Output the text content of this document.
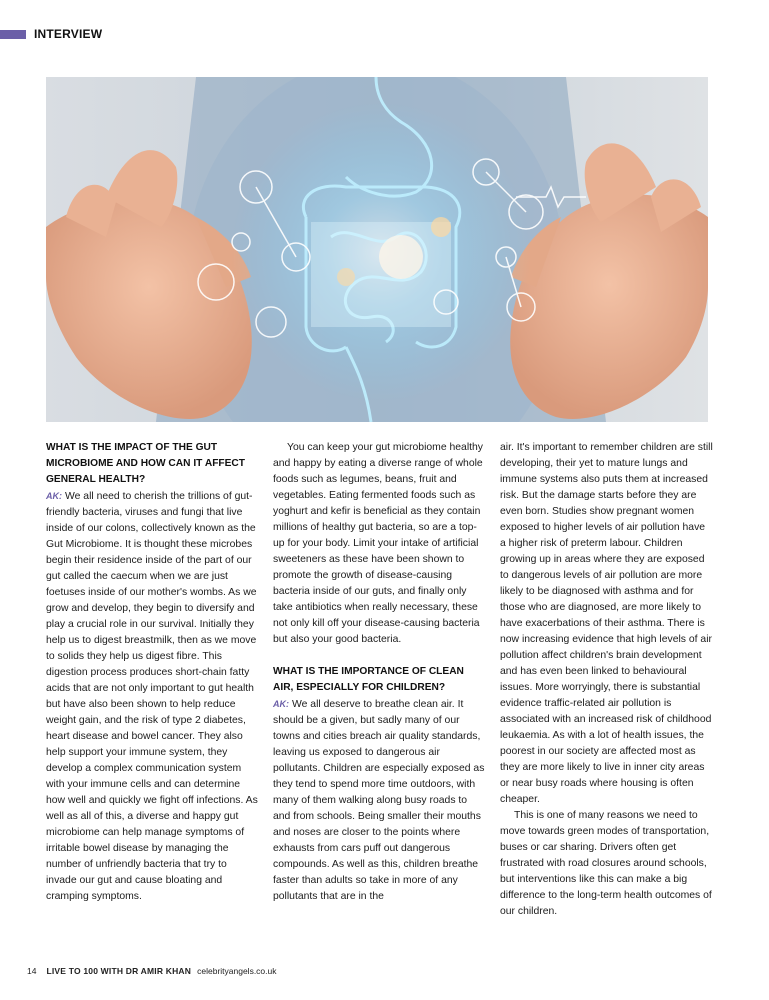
INTERVIEW

WHAT IS THE IMPACT OF THE GUT MICROBIOME AND HOW CAN IT AFFECT GENERAL HEALTH?

AK: We all need to cherish the trillions of gut-friendly bacteria, viruses and fungi that live inside of our colons, collectively known as the Gut Microbiome. It is thought these microbes begin their residence inside of the part of our gut called the caecum when we are just foetuses inside of our mother's wombs. As we grow and develop, they begin to diversify and play a crucial role in our survival. Initially they help us to digest breastmilk, then as we move to solids they help us digest fibre. This digestion process produces short-chain fatty acids that are not only important to gut health but have also been shown to help reduce weight gain, and the risk of type 2 diabetes, heart disease and bowel cancer. They also help support your immune system, they develop a complex communication system with your immune cells and can determine how well and quickly we fight off infections. As well as all of this, a diverse and happy gut microbiome can help manage symptoms of irritable bowel disease by managing the number of unfriendly bacteria that try to invade our gut and cause bloating and cramping symptoms.

You can keep your gut microbiome healthy and happy by eating a diverse range of whole foods such as legumes, beans, fruit and vegetables. Eating fermented foods such as yoghurt and kefir is beneficial as they contain millions of healthy gut bacteria, so are a top-up for your body. Limit your intake of artificial sweeteners as these have been shown to promote the growth of disease-causing bacteria inside of our guts, and finally only take antibiotics when really necessary, these not only kill off your disease-causing bacteria but also your good bacteria.

WHAT IS THE IMPORTANCE OF CLEAN AIR, ESPECIALLY FOR CHILDREN?

AK: We all deserve to breathe clean air. It should be a given, but sadly many of our towns and cities breach air quality standards, leaving us exposed to dangerous air pollutants. Children are especially exposed as they tend to spend more time outdoors, with many of them walking along busy roads to and from schools. Being smaller their mouths and noses are closer to the points where exhausts from cars puff out dangerous compounds. As well as this, children breathe faster than adults so take in more of any pollutants that are in the

air. It's important to remember children are still developing, their yet to mature lungs and immune systems also puts them at increased risk. But the damage starts before they are even born. Studies show pregnant women exposed to higher levels of air pollution have a higher risk of preterm labour. Children growing up in areas where they are exposed to dangerous levels of air pollution are more likely to be diagnosed with asthma and for those who are diagnosed, are more likely to have exacerbations of their asthma. There is now increasing evidence that high levels of air pollution affect children's brain development and has even been linked to behavioural issues. More worryingly, there is substantial evidence traffic-related air pollution is associated with an increased risk of childhood leukaemia. As with a lot of health issues, the poorest in our society are affected most as they are more likely to live in inner city areas or near busy roads where housing is often cheaper.

This is one of many reasons we need to move towards green modes of transportation, buses or car sharing. Drivers often get frustrated with road closures around schools, but interventions like this can make a big difference to the long-term health outcomes of our children.

14 LIVE TO 100 WITH DR AMIR KHAN celebrityangels.co.uk
